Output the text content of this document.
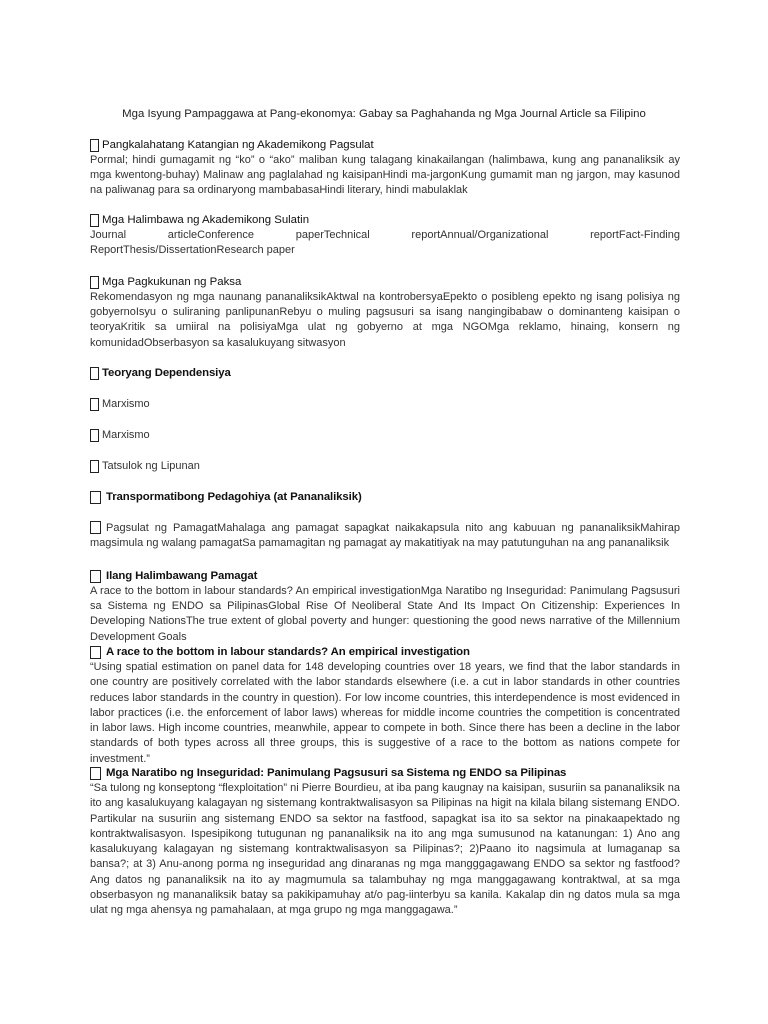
Mga Isyung Pampaggawa at Pang-ekonomya: Gabay sa Paghahanda ng Mga Journal Article sa Filipino
Pangkalahatang Katangian ng Akademikong Pagsulat

Pormal; hindi gumagamit ng “ko” o “ako” maliban kung talagang kinakailangan (halimbawa, kung ang pananaliksik ay mga kwentong-buhay) Malinaw ang paglalahad ng kaisipanHindi ma-jargonKung gumamit man ng jargon, may kasunod na paliwanag para sa ordinaryong mambabasaHindi literary, hindi mabulaklak

Mga Halimbawa ng Akademikong Sulatin

Journal articleConference paperTechnical reportAnnual/Organizational reportFact-Finding ReportThesis/DissertationResearch paper

Mga Pagkukunan ng Paksa

Rekomendasyon ng mga naunang pananaliksikAktwal na kontrobersyaEpekto o posibleng epekto ng isang polisiya ng gobyernoIsyu o suliraning panlipunanRebyu o muling pagsusuri sa isang nangingibabaw o dominanteng kaisipan o teoryaKritik sa umiiral na polisiyaMga ulat ng gobyerno at mga NGOMga reklamo, hinaing, konsern ng komunidadObserbasyon sa kasalukuyang sitwasyon

Teoryang Dependensiya
Marxismo
Marxismo
Tatsulok ng Lipunan
Transpormatibong Pedagohiya (at Pananaliksik)

Pagsulat ng PamagatMahalaga ang pamagat sapagkat naikakapsula nito ang kabuuan ng pananaliksikMahirap magsimula ng walang pamagatSa pamamagitan ng pamagat ay makatitiyak na may patutunguhan na ang pananaliksik

Ilang Halimbawang Pamagat

A race to the bottom in labour standards? An empirical investigationMga Naratibo ng Inseguridad: Panimulang Pagsusuri sa Sistema ng ENDO sa PilipinasGlobal Rise Of Neoliberal State And Its Impact On Citizenship: Experiences In Developing NationsThe true extent of global poverty and hunger: questioning the good news narrative of the Millennium Development Goals

A race to the bottom in labour standards? An empirical investigation

“Using spatial estimation on panel data for 148 developing countries over 18 years, we find that the labor standards in one country are positively correlated with the labor standards elsewhere (i.e. a cut in labor standards in other countries reduces labor standards in the country in question). For low income countries, this interdependence is most evidenced in labor practices (i.e. the enforcement of labor laws) whereas for middle income countries the competition is concentrated in labor laws. High income countries, meanwhile, appear to compete in both. Since there has been a decline in the labor standards of both types across all three groups, this is suggestive of a race to the bottom as nations compete for investment.”

Mga Naratibo ng Inseguridad: Panimulang Pagsusuri sa Sistema ng ENDO sa Pilipinas

“Sa tulong ng konseptong “flexploitation” ni Pierre Bourdieu, at iba pang kaugnay na kaisipan, susuriin sa pananaliksik na ito ang kasalukuyang kalagayan ng sistemang kontraktwalisasyon sa Pilipinas na higit na kilala bilang sistemang ENDO. Partikular na susuriin ang sistemang ENDO sa sektor na fastfood, sapagkat isa ito sa sektor na pinakaapektado ng kontraktwalisasyon. Ispesipikong tutugunan ng pananaliksik na ito ang mga sumusunod na katanungan: 1) Ano ang kasalukuyang kalagayan ng sistemang kontraktwalisasyon sa Pilipinas?; 2)Paano ito nagsimula at lumaganap sa bansa?; at 3) Anu-anong porma ng inseguridad ang dinaranas ng mga mangggagawang ENDO sa sektor ng fastfood? Ang datos ng pananaliksik na ito ay magmumula sa talambuhay ng mga manggagawang kontraktwal, at sa mga obserbasyon ng mananaliksik batay sa pakikipamuhay at/o pag-iinterbyu sa kanila. Kakalap din ng datos mula sa mga ulat ng mga ahensya ng pamahalaan, at mga grupo ng mga manggagawa.”
